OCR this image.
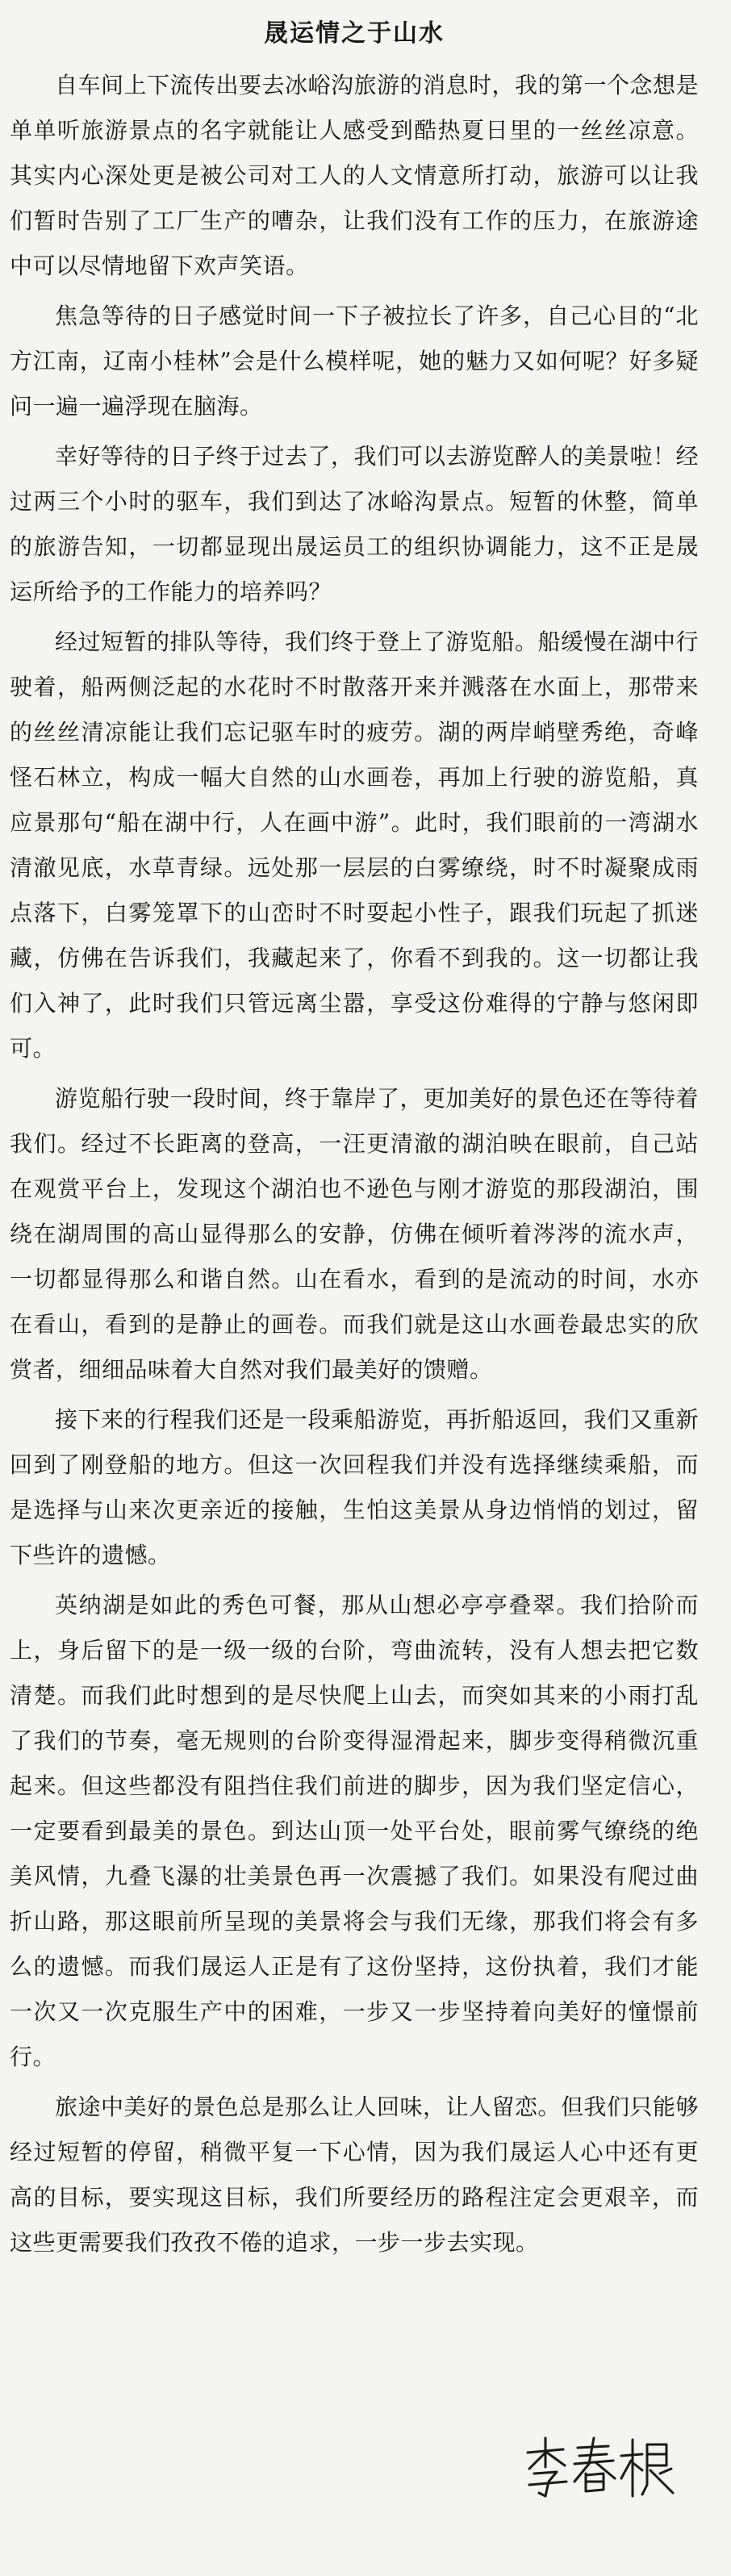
晟运情之于山水

自车间上下流传出要去冰峪沟旅游的消息时，我的第一个念想是单单听旅游景点的名字就能让人感受到酷热夏日里的一丝丝凉意。其实内心深处更是被公司对工人的人文情意所打动，旅游可以让我们暂时告别了工厂生产的嘈杂，让我们没有工作的压力，在旅游途中可以尽情地留下欢声笑语。

焦急等待的日子感觉时间一下子被拉长了许多，自己心目的“北方江南，辽南小桂林”会是什么模样呢，她的魅力又如何呢？好多疑问一遍一遍浮现在脑海。

幸好等待的日子终于过去了，我们可以去游览醉人的美景啦！经过两三个小时的驱车，我们到达了冰峪沟景点。短暂的休整，简单的旅游告知，一切都显现出晟运员工的组织协调能力，这不正是晟运所给予的工作能力的培养吗？

经过短暂的排队等待，我们终于登上了游览船。船缓慢在湖中行驶着，船两侧泛起的水花时不时散落开来并溅落在水面上，那带来的丝丝清凉能让我们忘记驱车时的疲劳。湖的两岸峭壁秀绝，奇峰怪石林立，构成一幅大自然的山水画卷，再加上行驶的游览船，真应景那句“船在湖中行，人在画中游”。此时，我们眼前的一湾湖水清澈见底，水草青绿。远处那一层层的白雾缭绕，时不时凝聚成雨点落下，白雾笼罩下的山峦时不时耍起小性子，跟我们玩起了抓迷藏，仿佛在告诉我们，我藏起来了，你看不到我的。这一切都让我们入神了，此时我们只管远离尘嚣，享受这份难得的宁静与悠闲即可。

游览船行驶一段时间，终于靠岸了，更加美好的景色还在等待着我们。经过不长距离的登高，一汪更清澈的湖泊映在眼前，自己站在观赏平台上，发现这个湖泊也不逊色与刚才游览的那段湖泊，围绕在湖周围的高山显得那么的安静，仿佛在倾听着涔涔的流水声，一切都显得那么和谐自然。山在看水，看到的是流动的时间，水亦在看山，看到的是静止的画卷。而我们就是这山水画卷最忠实的欣赏者，细细品味着大自然对我们最美好的馈赠。

接下来的行程我们还是一段乘船游览，再折船返回，我们又重新回到了刚登船的地方。但这一次回程我们并没有选择继续乘船，而是选择与山来次更亲近的接触，生怕这美景从身边悄悄的划过，留下些许的遗憾。

英纳湖是如此的秀色可餐，那从山想必亭亭叠翠。我们拾阶而上，身后留下的是一级一级的台阶，弯曲流转，没有人想去把它数清楚。而我们此时想到的是尽快爬上山去，而突如其来的小雨打乱了我们的节奏，毫无规则的台阶变得湿滑起来，脚步变得稍微沉重起来。但这些都没有阻挡住我们前进的脚步，因为我们坚定信心，一定要看到最美的景色。到达山顶一处平台处，眼前雾气缭绕的绝美风情，九叠飞瀑的壮美景色再一次震撼了我们。如果没有爬过曲折山路，那这眼前所呈现的美景将会与我们无缘，那我们将会有多么的遗憾。而我们晟运人正是有了这份坚持，这份执着，我们才能一次又一次克服生产中的困难，一步又一步坚持着向美好的憧憬前行。

旅途中美好的景色总是那么让人回味，让人留恋。但我们只能够经过短暂的停留，稍微平复一下心情，因为我们晟运人心中还有更高的目标，要实现这目标，我们所要经历的路程注定会更艰辛，而这些更需要我们孜孜不倦的追求，一步一步去实现。
